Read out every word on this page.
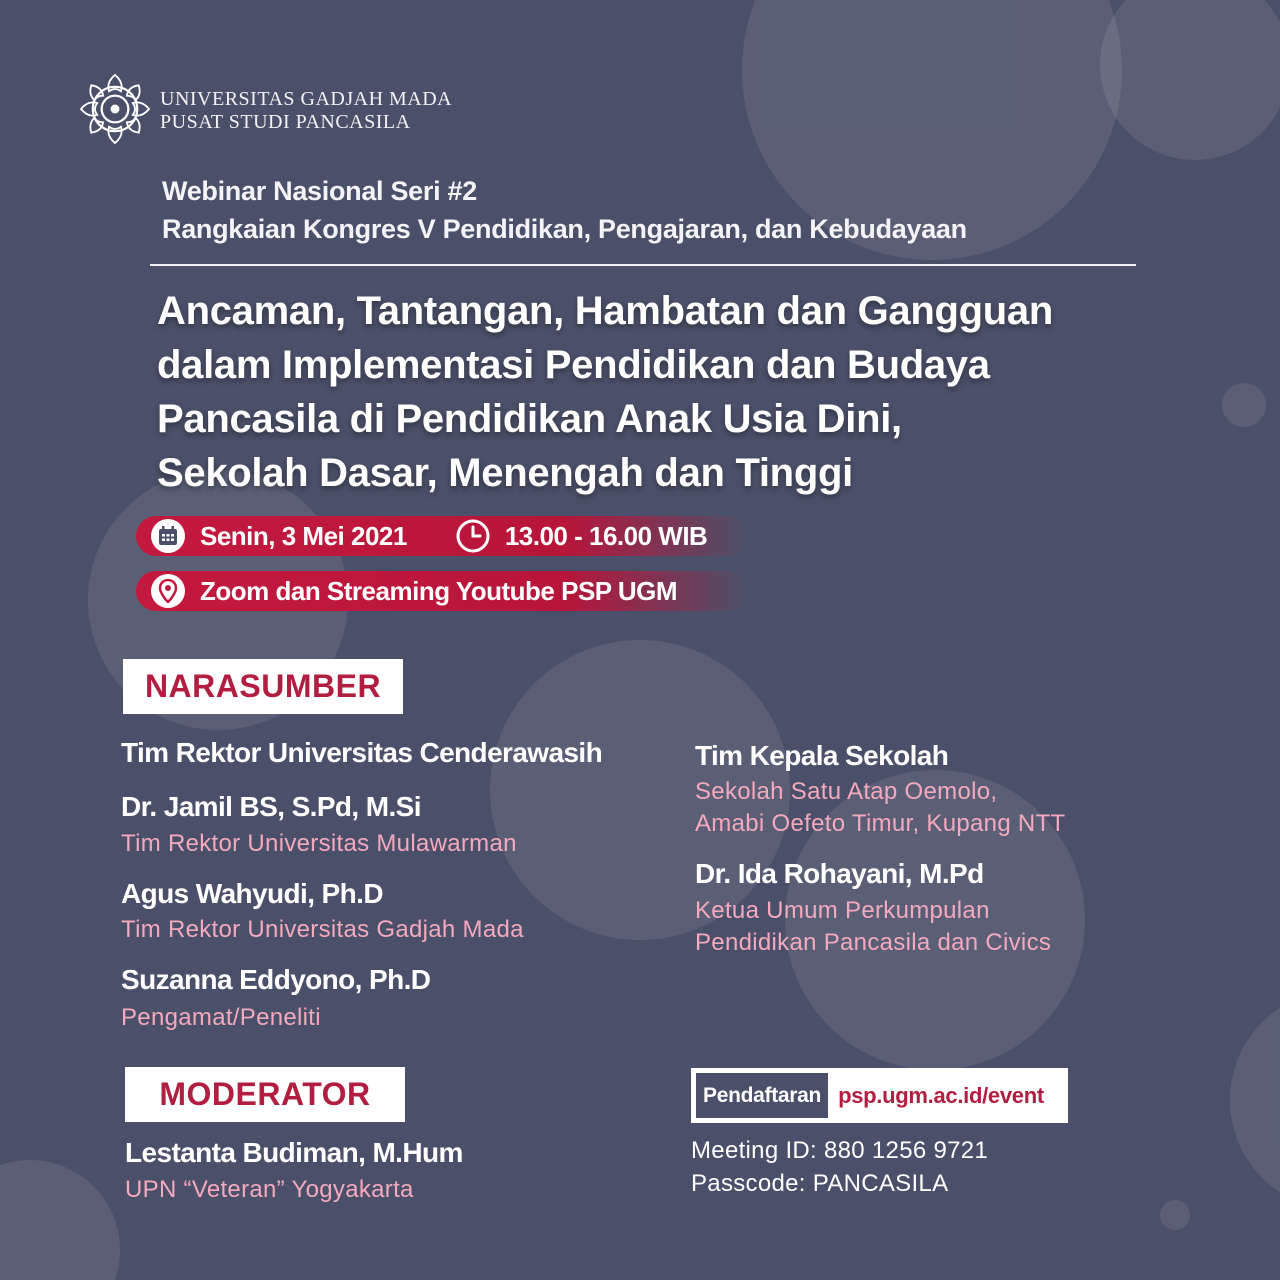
UNIVERSITAS GADJAH MADA
PUSAT STUDI PANCASILA
Webinar Nasional Seri #2
Rangkaian Kongres V Pendidikan, Pengajaran, dan Kebudayaan
Ancaman, Tantangan, Hambatan dan Gangguan
dalam Implementasi Pendidikan dan Budaya
Pancasila di Pendidikan Anak Usia Dini,
Sekolah Dasar, Menengah dan Tinggi
Senin, 3 Mei 2021	13.00 - 16.00 WIB
Zoom dan Streaming Youtube PSP UGM
NARASUMBER
Tim Rektor Universitas Cenderawasih
Dr. Jamil BS, S.Pd, M.Si
Tim Rektor Universitas Mulawarman
Agus Wahyudi, Ph.D
Tim Rektor Universitas Gadjah Mada
Suzanna Eddyono, Ph.D
Pengamat/Peneliti
Tim Kepala Sekolah
Sekolah Satu Atap Oemolo,
Amabi Oefeto Timur, Kupang NTT
Dr. Ida Rohayani, M.Pd
Ketua Umum Perkumpulan
Pendidikan Pancasila dan Civics
MODERATOR
Lestanta Budiman, M.Hum
UPN “Veteran” Yogyakarta
Pendaftaran psp.ugm.ac.id/event
Meeting ID: 880 1256 9721
Passcode: PANCASILA
